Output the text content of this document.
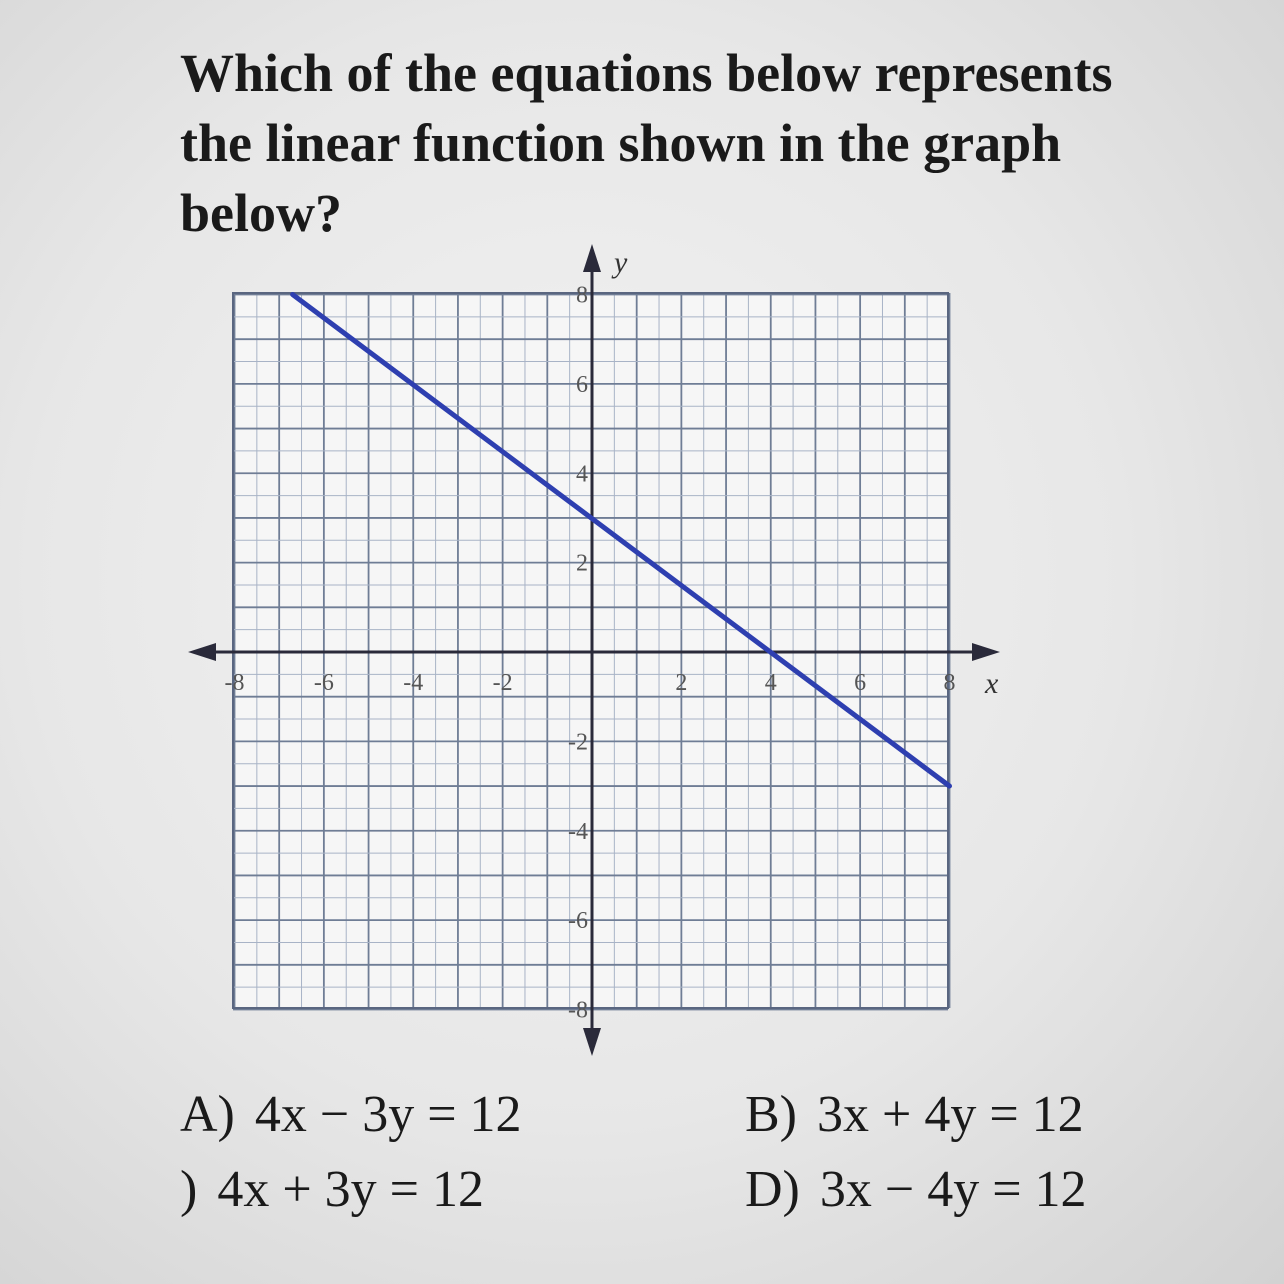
Which of the equations below represents
the linear function shown in the graph
below?
x
y
-8	-6	-4	-2	2	4	6	8
8
6
4
2
-2
-4
-6
-8
A) 4x − 3y = 12	B) 3x + 4y = 12
) 4x + 3y = 12	D) 3x − 4y = 12
